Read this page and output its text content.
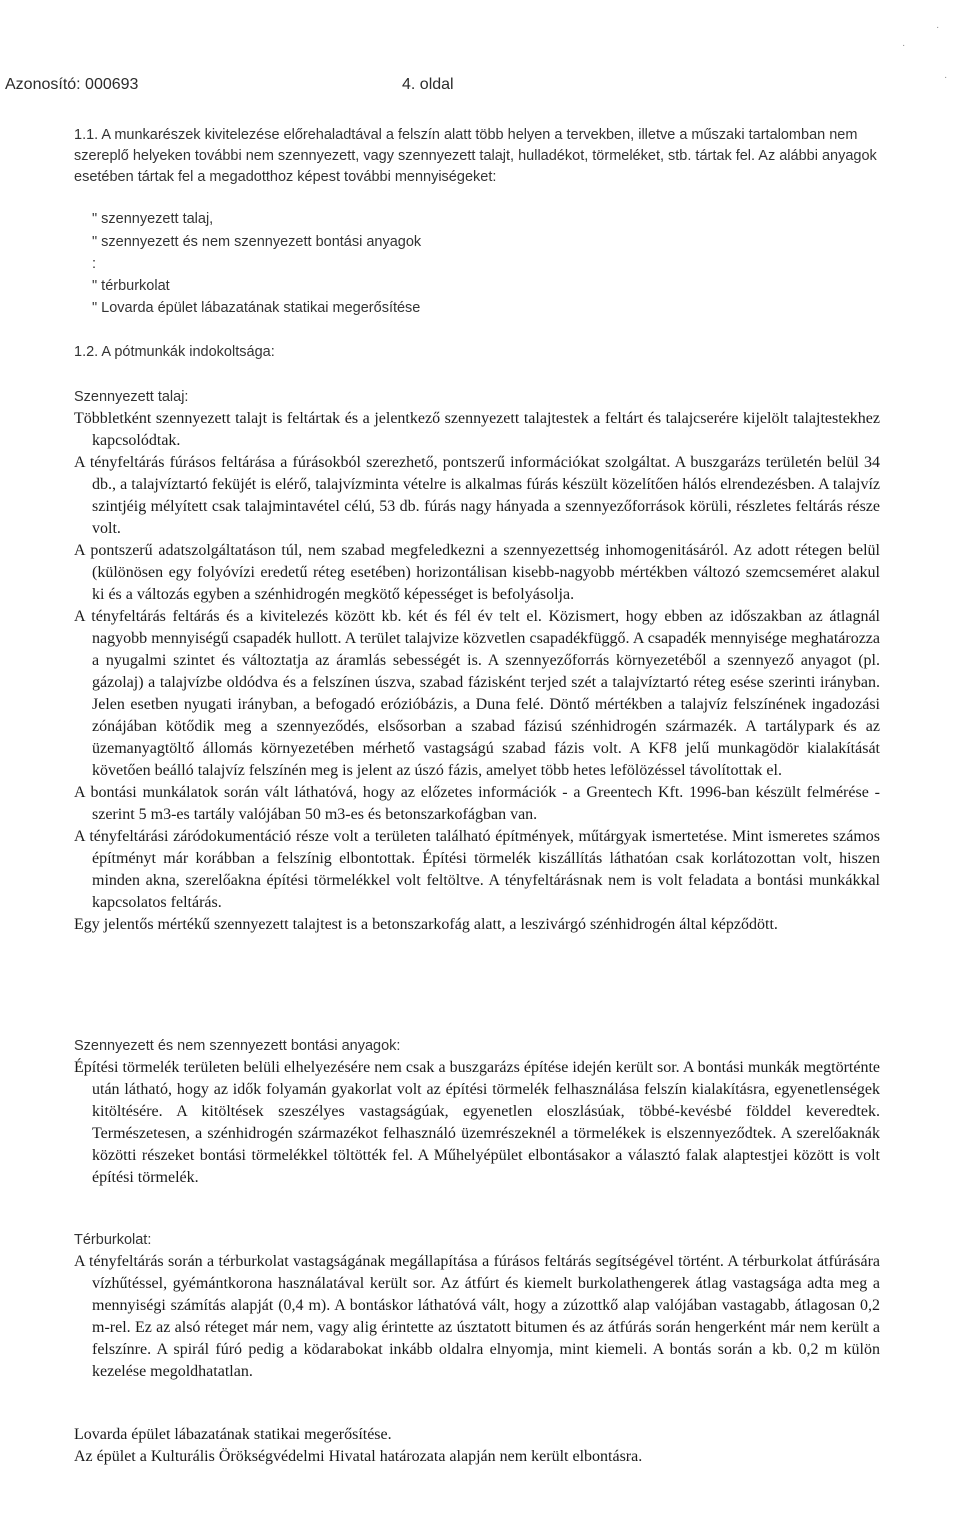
·
·
·
Azonosító: 000693	4. oldal

1.1. A munkarészek kivitelezése előrehaladtával a felszín alatt több helyen a tervekben, illetve a műszaki tartalomban nem szereplő helyeken további nem szennyezett, vagy szennyezett talajt, hulladékot, törmeléket, stb. tártak fel. Az alábbi anyagok esetében tártak fel a megadotthoz képest további mennyiségeket:

" szennyezett talaj,
" szennyezett és nem szennyezett bontási anyagok
:
" térburkolat
" Lovarda épület lábazatának statikai megerősítése
1.2. A pótmunkák indokoltsága:
Szennyezett talaj:

Többletként szennyezett talajt is feltártak és a jelentkező szennyezett talajtestek a feltárt és talajcserére kijelölt talajtestekhez kapcsolódtak.

A tényfeltárás fúrásos feltárása a fúrásokból szerezhető, pontszerű információkat szolgáltat. A buszgarázs területén belül 34 db., a talajvíztartó feküjét is elérő, talajvízminta vételre is alkalmas fúrás készült közelítően hálós elrendezésben. A talajvíz szintjéig mélyített csak talajmintavétel célú, 53 db. fúrás nagy hányada a szennyezőforrások körüli, részletes feltárás része volt.

A pontszerű adatszolgáltatáson túl, nem szabad megfeledkezni a szennyezettség inhomogenitásáról. Az adott rétegen belül (különösen egy folyóvízi eredetű réteg esetében) horizontálisan kisebb-nagyobb mértékben változó szemcseméret alakul ki és a változás egyben a szénhidrogén megkötő képességet is befolyásolja.

A tényfeltárás feltárás és a kivitelezés között kb. két és fél év telt el. Közismert, hogy ebben az időszakban az átlagnál nagyobb mennyiségű csapadék hullott. A terület talajvize közvetlen csapadékfüggő. A csapadék mennyisége meghatározza a nyugalmi szintet és változtatja az áramlás sebességét is. A szennyezőforrás környezetéből a szennyező anyagot (pl. gázolaj) a talajvízbe oldódva és a felszínen úszva, szabad fázisként terjed szét a talajvíztartó réteg esése szerinti irányban. Jelen esetben nyugati irányban, a befogadó erózióbázis, a Duna felé. Döntő mértékben a talajvíz felszínének ingadozási zónájában kötődik meg a szennyeződés, elsősorban a szabad fázisú szénhidrogén származék. A tartálypark és az üzemanyagtöltő állomás környezetében mérhető vastagságú szabad fázis volt. A KF8 jelű munkagödör kialakítását követően beálló talajvíz felszínén meg is jelent az úszó fázis, amelyet több hetes lefölözéssel távolítottak el.

A bontási munkálatok során vált láthatóvá, hogy az előzetes információk - a Greentech Kft. 1996-ban készült felmérése - szerint 5 m3-es tartály valójában 50 m3-es és betonszarkofágban van.

A tényfeltárási záródokumentáció része volt a területen található építmények, műtárgyak ismertetése. Mint ismeretes számos építményt már korábban a felszínig elbontottak. Építési törmelék kiszállítás láthatóan csak korlátozottan volt, hiszen minden akna, szerelőakna építési törmelékkel volt feltöltve. A tényfeltárásnak nem is volt feladata a bontási munkákkal kapcsolatos feltárás.

Egy jelentős mértékű szennyezett talajtest is a betonszarkofág alatt, a leszivárgó szénhidrogén által képződött.

Szennyezett és nem szennyezett bontási anyagok:

Építési törmelék területen belüli elhelyezésére nem csak a buszgarázs építése idején került sor. A bontási munkák megtörténte után látható, hogy az idők folyamán gyakorlat volt az építési törmelék felhasználása felszín kialakításra, egyenetlenségek kitöltésére. A kitöltések szeszélyes vastagságúak, egyenetlen eloszlásúak, többé-kevésbé földdel keveredtek. Természetesen, a szénhidrogén származékot felhasználó üzemrészeknél a törmelékek is elszennyeződtek. A szerelőaknák közötti részeket bontási törmelékkel töltötték fel. A Műhelyépület elbontásakor a választó falak alaptestjei között is volt építési törmelék.

Térburkolat:

A tényfeltárás során a térburkolat vastagságának megállapítása a fúrásos feltárás segítségével történt. A térburkolat átfúrására vízhűtéssel, gyémántkorona használatával került sor. Az átfúrt és kiemelt burkolathengerek átlag vastagsága adta meg a mennyiségi számítás alapját (0,4 m). A bontáskor láthatóvá vált, hogy a zúzottkő alap valójában vastagabb, átlagosan 0,2 m-rel. Ez az alsó réteget már nem, vagy alig érintette az úsztatott bitumen és az átfúrás során hengerként már nem került a felszínre. A spirál fúró pedig a ködarabokat inkább oldalra elnyomja, mint kiemeli. A bontás során a kb. 0,2 m külön kezelése megoldhatatlan.

Lovarda épület lábazatának statikai megerősítése.

Az épület a Kulturális Örökségvédelmi Hivatal határozata alapján nem került elbontásra.
